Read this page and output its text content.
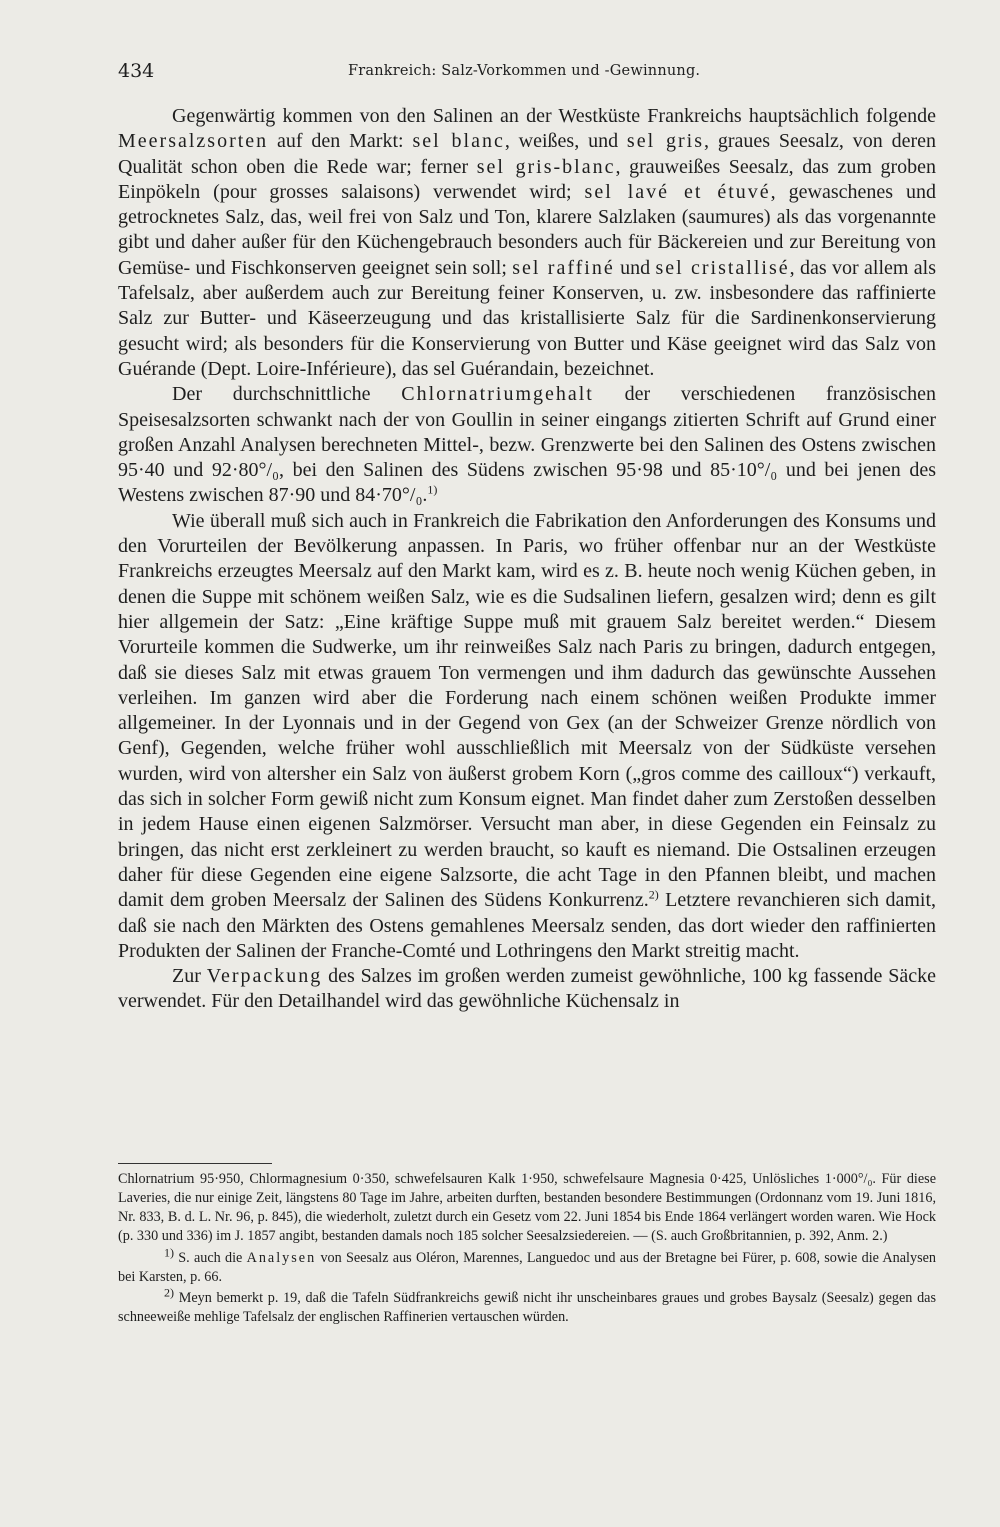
434	Frankreich: Salz-Vorkommen und -Gewinnung.

Gegenwärtig kommen von den Salinen an der Westküste Frankreichs hauptsächlich folgende Meersalzsorten auf den Markt: sel blanc, weißes, und sel gris, graues Seesalz, von deren Qualität schon oben die Rede war; ferner sel gris-blanc, grauweißes Seesalz, das zum groben Einpökeln (pour grosses salaisons) verwendet wird; sel lavé et étuvé, gewaschenes und getrocknetes Salz, das, weil frei von Salz und Ton, klarere Salzlaken (saumures) als das vorgenannte gibt und daher außer für den Küchengebrauch besonders auch für Bäckereien und zur Bereitung von Gemüse- und Fischkonserven geeignet sein soll; sel raffiné und sel cristallisé, das vor allem als Tafelsalz, aber außerdem auch zur Bereitung feiner Konserven, u. zw. insbesondere das raffinierte Salz zur Butter- und Käseerzeugung und das kristallisierte Salz für die Sardinenkonservierung gesucht wird; als besonders für die Konservierung von Butter und Käse geeignet wird das Salz von Guérande (Dept. Loire-Inférieure), das sel Guérandain, bezeichnet.

Der durchschnittliche Chlornatriumgehalt der verschiedenen französischen Speisesalzsorten schwankt nach der von Goullin in seiner eingangs zitierten Schrift auf Grund einer großen Anzahl Analysen berechneten Mittel-, bezw. Grenzwerte bei den Salinen des Ostens zwischen 95·40 und 92·80°/₀, bei den Salinen des Südens zwischen 95·98 und 85·10°/₀ und bei jenen des Westens zwischen 87·90 und 84·70°/₀.$^{1)}$

Wie überall muß sich auch in Frankreich die Fabrikation den Anforderungen des Konsums und den Vorurteilen der Bevölkerung anpassen. In Paris, wo früher offenbar nur an der Westküste Frankreichs erzeugtes Meersalz auf den Markt kam, wird es z. B. heute noch wenig Küchen geben, in denen die Suppe mit schönem weißen Salz, wie es die Sudsalinen liefern, gesalzen wird; denn es gilt hier allgemein der Satz: „Eine kräftige Suppe muß mit grauem Salz bereitet werden.“ Diesem Vorurteile kommen die Sudwerke, um ihr reinweißes Salz nach Paris zu bringen, dadurch entgegen, daß sie dieses Salz mit etwas grauem Ton vermengen und ihm dadurch das gewünschte Aussehen verleihen. Im ganzen wird aber die Forderung nach einem schönen weißen Produkte immer allgemeiner. In der Lyonnais und in der Gegend von Gex (an der Schweizer Grenze nördlich von Genf), Gegenden, welche früher wohl ausschließlich mit Meersalz von der Südküste versehen wurden, wird von altersher ein Salz von äußerst grobem Korn („gros comme des cailloux“) verkauft, das sich in solcher Form gewiß nicht zum Konsum eignet. Man findet daher zum Zerstoßen desselben in jedem Hause einen eigenen Salzmörser. Versucht man aber, in diese Gegenden ein Feinsalz zu bringen, das nicht erst zerkleinert zu werden braucht, so kauft es niemand. Die Ostsalinen erzeugen daher für diese Gegenden eine eigene Salzsorte, die acht Tage in den Pfannen bleibt, und machen damit dem groben Meersalz der Salinen des Südens Konkurrenz.$^{2)}$ Letztere revanchieren sich damit, daß sie nach den Märkten des Ostens gemahlenes Meersalz senden, das dort wieder den raffinierten Produkten der Salinen der Franche-Comté und Lothringens den Markt streitig macht.

Zur Verpackung des Salzes im großen werden zumeist gewöhnliche, 100 kg fassende Säcke verwendet. Für den Detailhandel wird das gewöhnliche Küchensalz in

Chlornatrium 95·950, Chlormagnesium 0·350, schwefelsauren Kalk 1·950, schwefelsaure Magnesia 0·425, Unlösliches 1·000°/₀. Für diese Laveries, die nur einige Zeit, längstens 80 Tage im Jahre, arbeiten durften, bestanden besondere Bestimmungen (Ordonnanz vom 19. Juni 1816, Nr. 833, B. d. L. Nr. 96, p. 845), die wiederholt, zuletzt durch ein Gesetz vom 22. Juni 1854 bis Ende 1864 verlängert worden waren. Wie Hock (p. 330 und 336) im J. 1857 angibt, bestanden damals noch 185 solcher Seesalzsiedereien. — (S. auch Großbritannien, p. 392, Anm. 2.)

$^{1)}$ S. auch die Analysen von Seesalz aus Oléron, Marennes, Languedoc und aus der Bretagne bei Fürer, p. 608, sowie die Analysen bei Karsten, p. 66.

$^{2)}$ Meyn bemerkt p. 19, daß die Tafeln Südfrankreichs gewiß nicht ihr unscheinbares graues und grobes Baysalz (Seesalz) gegen das schneeweiße mehlige Tafelsalz der englischen Raffinerien vertauschen würden.
